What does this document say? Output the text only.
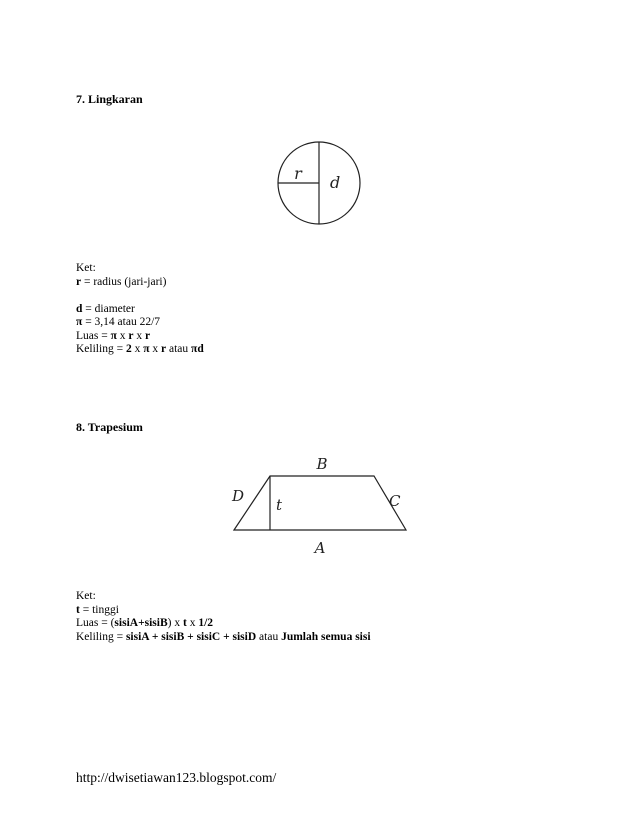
7. Lingkaran
r d
Ket:
r = radius (jari-jari)
d = diameter
π = 3,14 atau 22/7
Luas = π x r x r
Keliling = 2 x π x r atau πd
8. Trapesium
B
A
D	C
t
Ket:
t = tinggi
Luas = (sisiA+sisiB) x t x 1/2
Keliling = sisiA + sisiB + sisiC + sisiD atau Jumlah semua sisi
http://dwisetiawan123.blogspot.com/
